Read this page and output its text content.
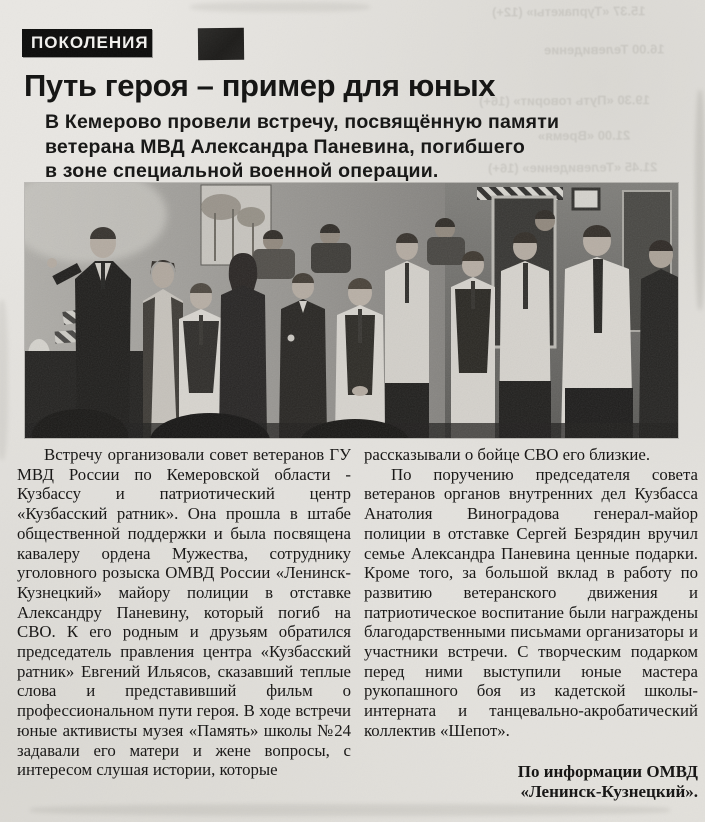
15.37 «Турпакеты» (12+)
16.00 Телевидение
19.30 «Путь говорит» (16+)
21.00 «Время»
21.45 «Телевидение» (16+)
ПОКОЛЕНИЯ
Путь героя – пример для юных
В Кемерово провели встречу, посвящённую памяти
ветерана МВД Александра Паневина, погибшего
в зоне специальной военной операции.

Встречу организовали совет ветеранов ГУ МВД России по Кемеровской области - Кузбассу и патриотический центр «Кузбасский ратник». Она прошла в штабе общественной поддержки и была посвящена кавалеру ордена Мужества, сотруднику уголовного розыска ОМВД России «Ленинск-Кузнецкий» майору полиции в отставке Александру Паневину, который погиб на СВО. К его родным и друзьям обратился председатель правления центра «Кузбасский ратник» Евгений Ильясов, сказавший теплые слова и представивший фильм о профессиональном пути героя. В ходе встречи юные активисты музея «Память» школы №24 задавали его матери и жене вопросы, с интересом слушая истории, которые

рассказывали о бойце СВО его близкие.

По поручению председателя совета ветеранов органов внутренних дел Кузбасса Анатолия Виноградова генерал-майор полиции в отставке Сергей Безрядин вручил семье Александра Паневина ценные подарки. Кроме того, за большой вклад в работу по развитию ветеранского движения и патриотическое воспитание были награждены благодарственными письмами организаторы и участники встречи. С творческим подарком перед ними выступили юные мастера рукопашного боя из кадетской школы-интерната и танцевально-акробатический коллектив «Шепот».

По информации ОМВД
«Ленинск-Кузнецкий».
